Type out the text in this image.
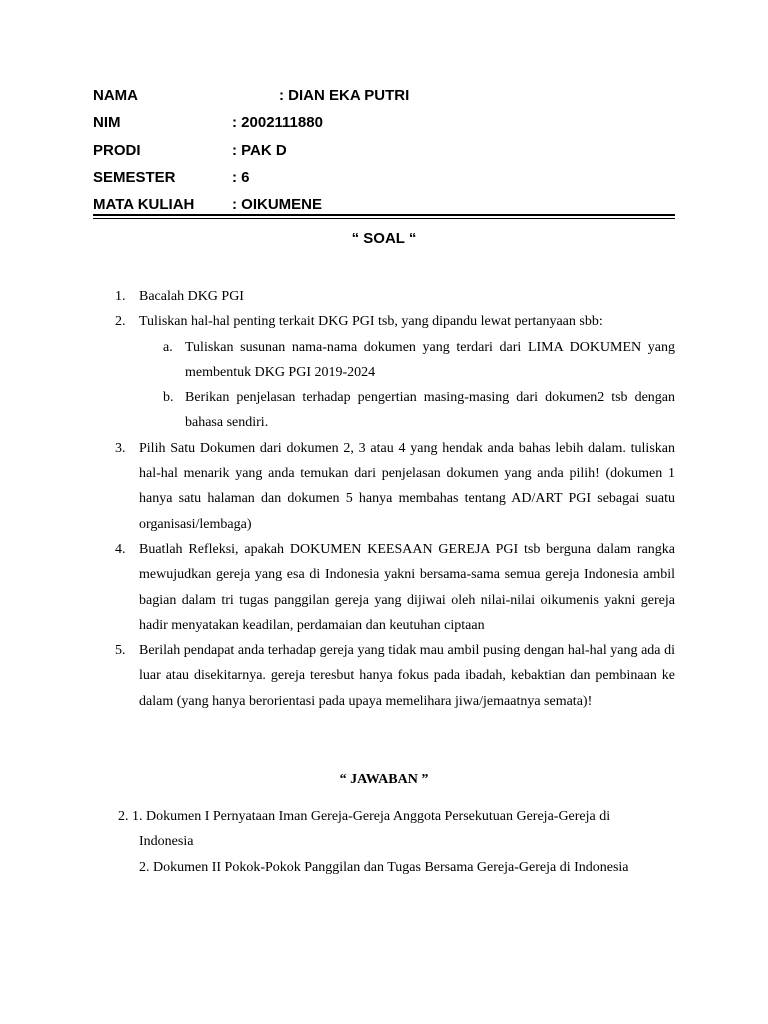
NAMA	: DIAN EKA PUTRI
NIM	: 2002111880
PRODI	: PAK D
SEMESTER	: 6
MATA KULIAH	: OIKUMENE
“ SOAL “
1. Bacalah DKG PGI
2. Tuliskan hal-hal penting terkait DKG PGI tsb, yang dipandu lewat pertanyaan sbb:
a. Tuliskan susunan nama-nama dokumen yang terdari dari LIMA DOKUMEN yang membentuk DKG PGI 2019-2024
b. Berikan penjelasan terhadap pengertian masing-masing dari dokumen2 tsb dengan bahasa sendiri.
3. Pilih Satu Dokumen dari dokumen 2, 3 atau 4 yang hendak anda bahas lebih dalam. tuliskan hal-hal menarik yang anda temukan dari penjelasan dokumen yang anda pilih! (dokumen 1 hanya satu halaman dan dokumen 5 hanya membahas tentang AD/ART PGI sebagai suatu organisasi/lembaga)
4. Buatlah Refleksi, apakah DOKUMEN KEESAAN GEREJA PGI tsb berguna dalam rangka mewujudkan gereja yang esa di Indonesia yakni bersama-sama semua gereja Indonesia ambil bagian dalam tri tugas panggilan gereja yang dijiwai oleh nilai-nilai oikumenis yakni gereja hadir menyatakan keadilan, perdamaian dan keutuhan ciptaan
5. Berilah pendapat anda terhadap gereja yang tidak mau ambil pusing dengan hal-hal yang ada di luar atau disekitarnya. gereja teresbut hanya fokus pada ibadah, kebaktian dan pembinaan ke dalam (yang hanya berorientasi pada upaya memelihara jiwa/jemaatnya semata)!
“ JAWABAN ”
2. 1. Dokumen I Pernyataan Iman Gereja-Gereja Anggota Persekutuan Gereja-Gereja di
Indonesia
2. Dokumen II Pokok-Pokok Panggilan dan Tugas Bersama Gereja-Gereja di Indonesia
